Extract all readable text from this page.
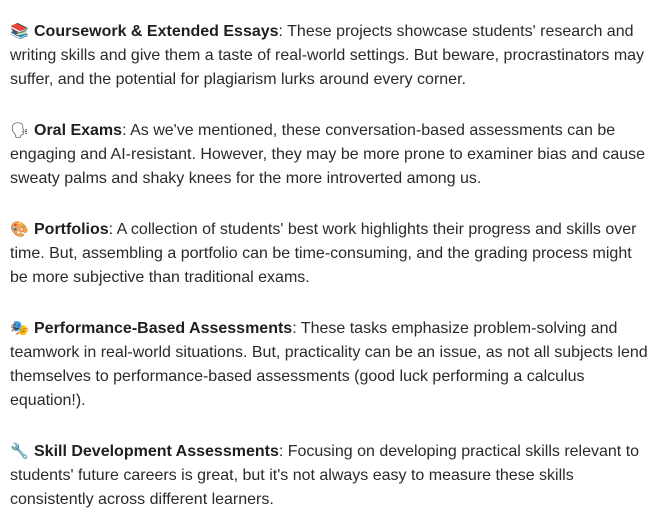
📚 Coursework & Extended Essays: These projects showcase students' research and writing skills and give them a taste of real-world settings. But beware, procrastinators may suffer, and the potential for plagiarism lurks around every corner.

🗣 Oral Exams: As we've mentioned, these conversation-based assessments can be engaging and AI-resistant. However, they may be more prone to examiner bias and cause sweaty palms and shaky knees for the more introverted among us.

🎨 Portfolios: A collection of students' best work highlights their progress and skills over time. But, assembling a portfolio can be time-consuming, and the grading process might be more subjective than traditional exams.

🎭 Performance-Based Assessments: These tasks emphasize problem-solving and teamwork in real-world situations. But, practicality can be an issue, as not all subjects lend themselves to performance-based assessments (good luck performing a calculus equation!).

🔧 Skill Development Assessments: Focusing on developing practical skills relevant to students' future careers is great, but it's not always easy to measure these skills consistently across different learners.
